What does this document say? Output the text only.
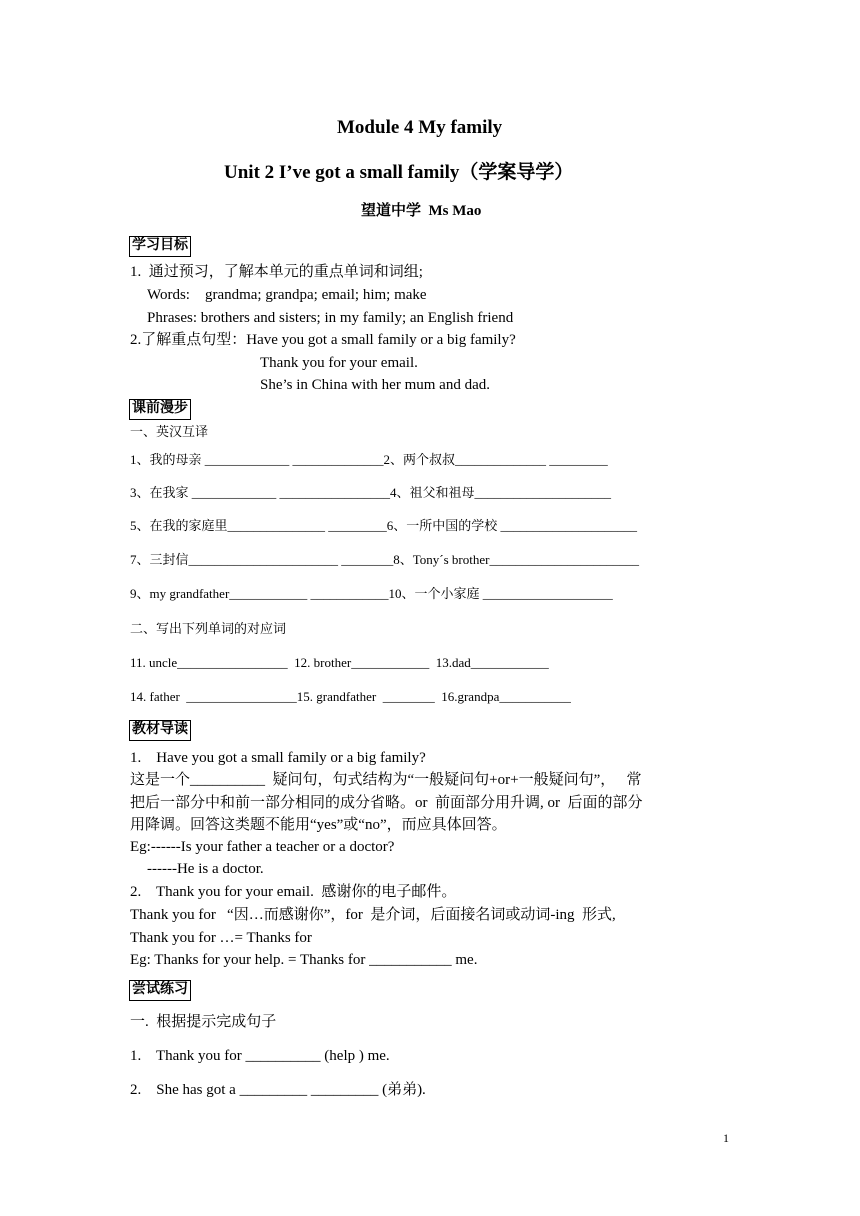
Module 4 My family
Unit 2 I’ve got a small family（学案导学）
望道中学  Ms Mao
学习目标
1.  通过预习，了解本单元的重点单词和词组;
Words:    grandma; grandpa; email; him; make
Phrases: brothers and sisters; in my family; an English friend
2.了解重点句型：Have you got a small family or a big family?
Thank you for your email.
She’s in China with her mum and dad.
课前漫步
一、英汉互译
1、我的母亲 _____________ ______________2、两个叔叔______________ _________
3、在我家 _____________ _________________4、祖父和祖母_____________________
5、在我的家庭里_______________ _________6、一所中国的学校 _____________________
7、三封信_______________________ ________8、Tony´s brother_______________________
9、my grandfather____________ ____________10、一个小家庭 ____________________
二、写出下列单词的对应词
11. uncle_________________  12. brother____________  13.dad____________
14. father  _________________15. grandfather  ________  16.grandpa___________
教材导读
1.    Have you got a small family or a big family?
这是一个__________  疑问句，句式结构为“一般疑问句+or+一般疑问句”，   常
把后一部分中和前一部分相同的成分省略。or  前面部分用升调, or  后面的部分
用降调。回答这类题不能用“yes”或“no”，而应具体回答。
Eg:------Is your father a teacher or a doctor?
------He is a doctor.
2.    Thank you for your email.  感谢你的电子邮件。
Thank you for   “因…而感谢你”，for  是介词，后面接名词或动词-ing  形式,
Thank you for …= Thanks for
Eg: Thanks for your help. = Thanks for ___________ me.
尝试练习
一.  根据提示完成句子
1.    Thank you for __________ (help ) me.
2.    She has got a _________ _________ (弟弟).
1
